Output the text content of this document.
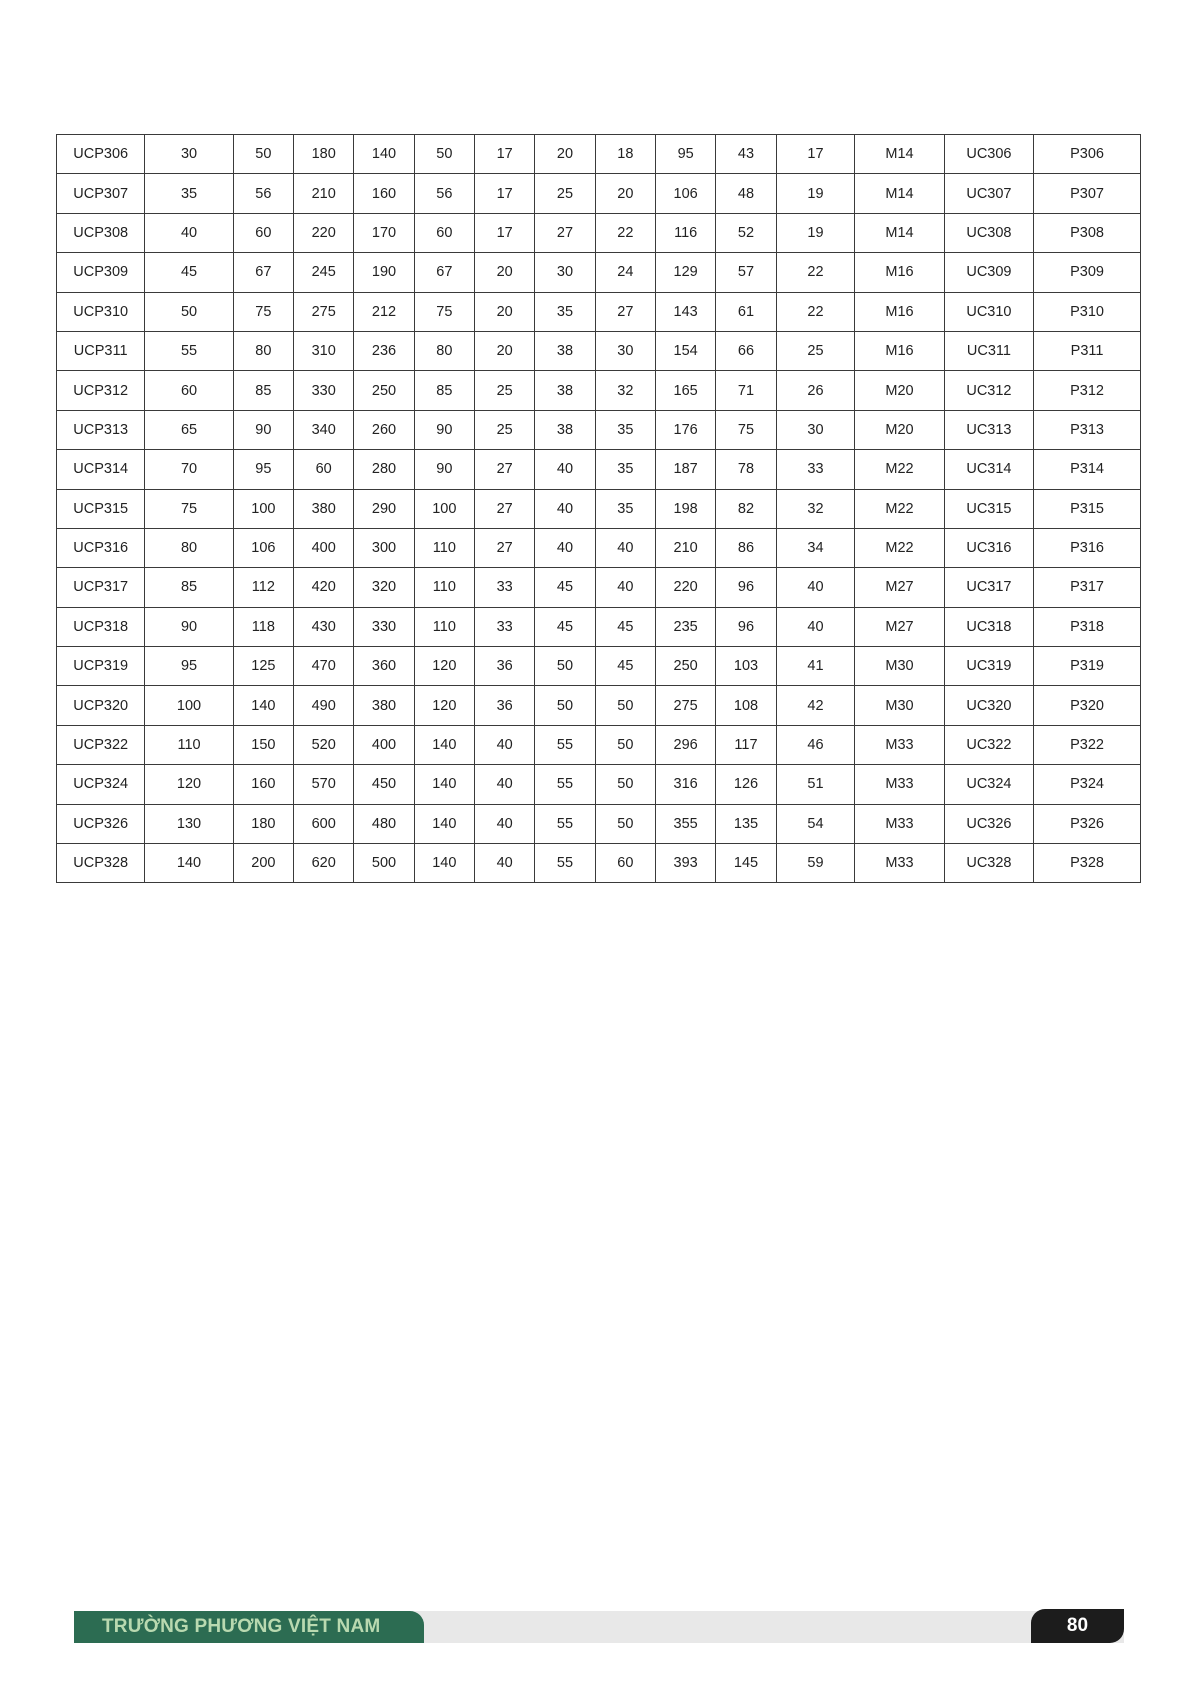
UCP306	30	50	180	140	50	17	20	18	95	43	17	M14	UC306	P306
UCP307	35	56	210	160	56	17	25	20	106	48	19	M14	UC307	P307
UCP308	40	60	220	170	60	17	27	22	116	52	19	M14	UC308	P308
UCP309	45	67	245	190	67	20	30	24	129	57	22	M16	UC309	P309
UCP310	50	75	275	212	75	20	35	27	143	61	22	M16	UC310	P310
UCP311	55	80	310	236	80	20	38	30	154	66	25	M16	UC311	P311
UCP312	60	85	330	250	85	25	38	32	165	71	26	M20	UC312	P312
UCP313	65	90	340	260	90	25	38	35	176	75	30	M20	UC313	P313
UCP314	70	95	60	280	90	27	40	35	187	78	33	M22	UC314	P314
UCP315	75	100	380	290	100	27	40	35	198	82	32	M22	UC315	P315
UCP316	80	106	400	300	110	27	40	40	210	86	34	M22	UC316	P316
UCP317	85	112	420	320	110	33	45	40	220	96	40	M27	UC317	P317
UCP318	90	118	430	330	110	33	45	45	235	96	40	M27	UC318	P318
UCP319	95	125	470	360	120	36	50	45	250	103	41	M30	UC319	P319
UCP320	100	140	490	380	120	36	50	50	275	108	42	M30	UC320	P320
UCP322	110	150	520	400	140	40	55	50	296	117	46	M33	UC322	P322
UCP324	120	160	570	450	140	40	55	50	316	126	51	M33	UC324	P324
UCP326	130	180	600	480	140	40	55	50	355	135	54	M33	UC326	P326
UCP328	140	200	620	500	140	40	55	60	393	145	59	M33	UC328	P328
TRƯỜNG PHƯƠNG VIỆT NAM	80
